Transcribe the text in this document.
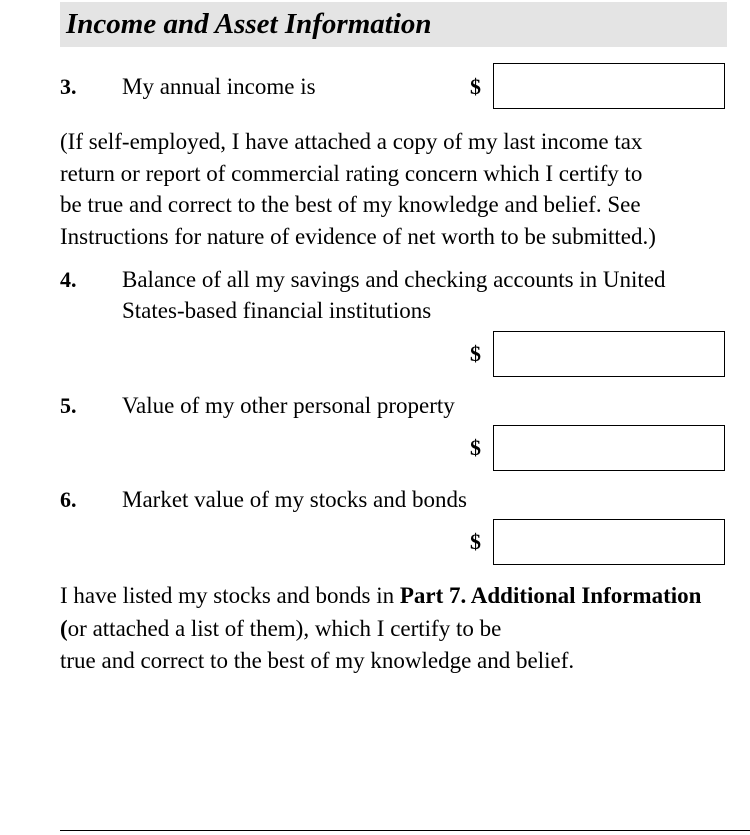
Income and Asset Information
3. My annual income is	$
(If self-employed, I have attached a copy of my last income tax
return or report of commercial rating concern which I certify to
be true and correct to the best of my knowledge and belief. See
Instructions for nature of evidence of net worth to be submitted.)
4. Balance of all my savings and checking accounts in United States-based financial institutions
$
5. Value of my other personal property
$
6. Market value of my stocks and bonds
$
I have listed my stocks and bonds in Part 7. Additional Information (or attached a list of them), which I certify to be
true and correct to the best of my knowledge and belief.
